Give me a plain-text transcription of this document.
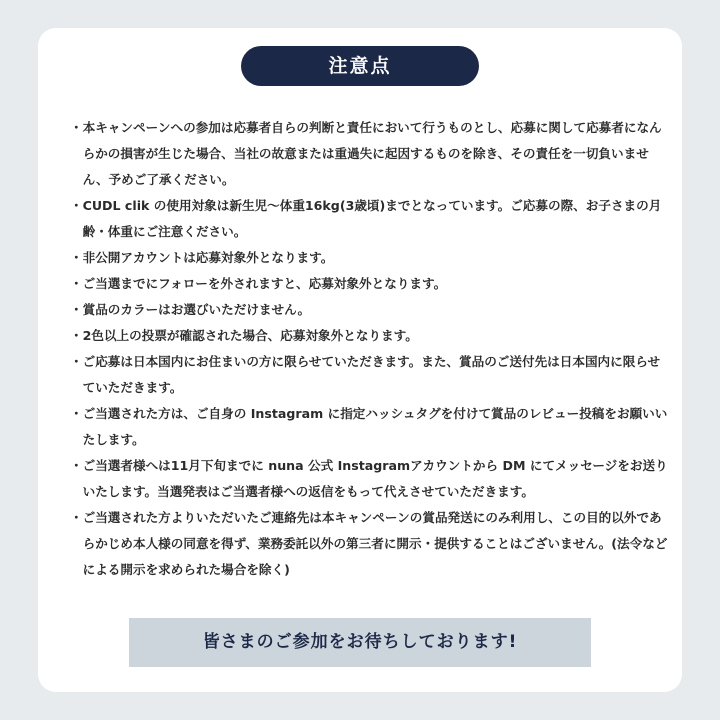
注意点
・ 本キャンペーンへの参加は応募者自らの判断と責任において行うものとし、応募に関して応募者になんらかの損害が生じた場合、当社の故意または重過失に起因するものを除き、その責任を一切負いません、予めご了承ください。
・ CUDL clik の使用対象は新生児〜体重16kg(3歳頃)までとなっています。ご応募の際、お子さまの月齢・体重にご注意ください。
・ 非公開アカウントは応募対象外となります。
・ ご当選までにフォローを外されますと、応募対象外となります。
・ 賞品のカラーはお選びいただけません。
・ 2色以上の投票が確認された場合、応募対象外となります。
・ ご応募は日本国内にお住まいの方に限らせていただきます。また、賞品のご送付先は日本国内に限らせていただきます。
・ ご当選された方は、ご自身の Instagram に指定ハッシュタグを付けて賞品のレビュー投稿をお願いいたします。
・ ご当選者様へは11月下旬までに nuna 公式 Instagramアカウントから DM にてメッセージをお送りいたします。当選発表はご当選者様への返信をもって代えさせていただきます。
・ ご当選された方よりいただいたご連絡先は本キャンペーンの賞品発送にのみ利用し、この目的以外であらかじめ本人様の同意を得ず、業務委託以外の第三者に開示・提供することはございません。(法令などによる開示を求められた場合を除く)
皆さまのご参加をお待ちしております!
